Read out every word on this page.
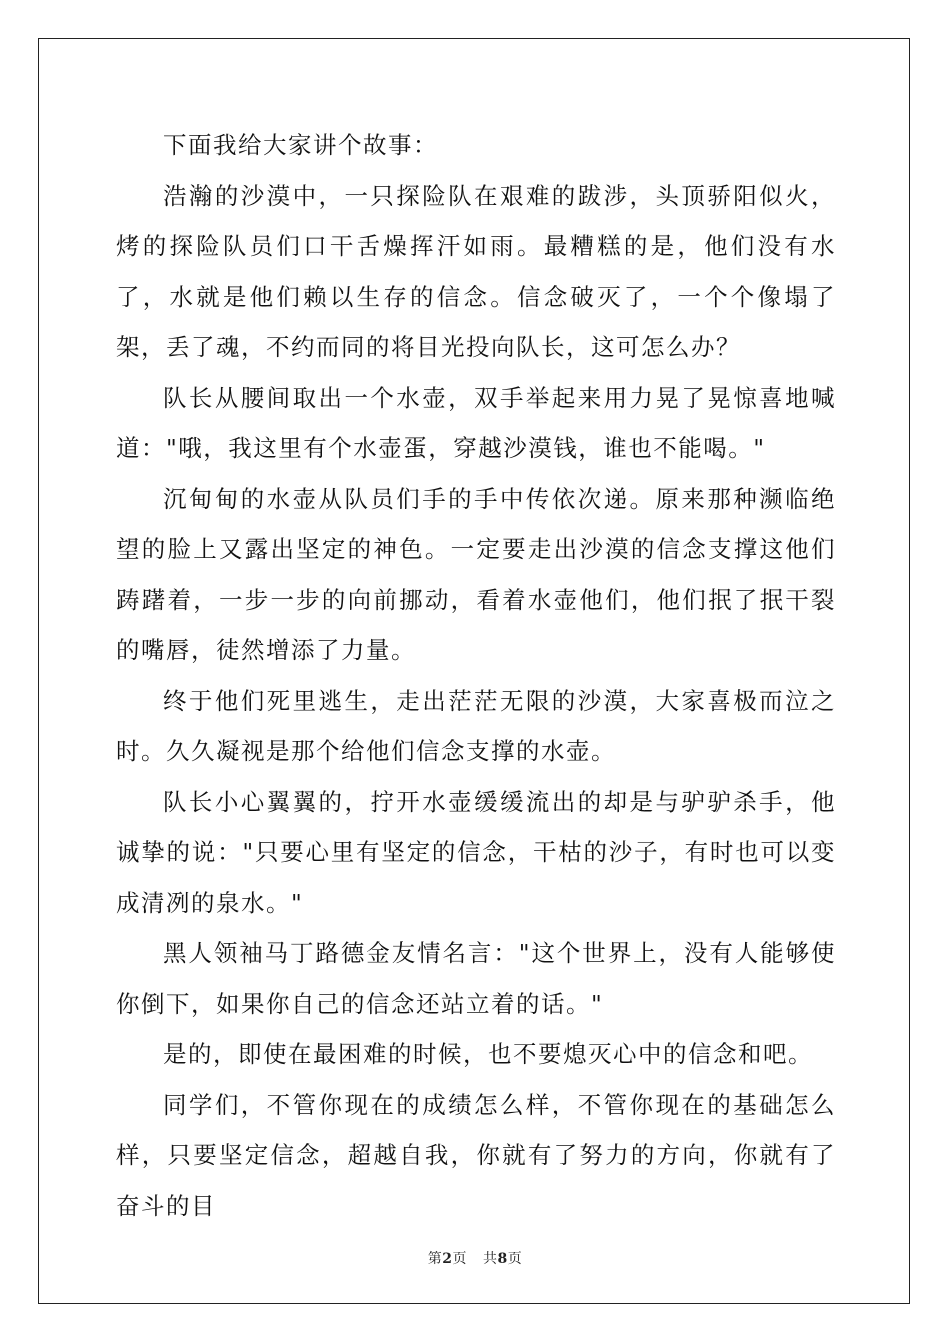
下面我给大家讲个故事：

浩瀚的沙漠中，一只探险队在艰难的跋涉，头顶骄阳似火，烤的探险队员们口干舌燥挥汗如雨。最糟糕的是，他们没有水了，水就是他们赖以生存的信念。信念破灭了，一个个像塌了架，丢了魂，不约而同的将目光投向队长，这可怎么办？

队长从腰间取出一个水壶，双手举起来用力晃了晃惊喜地喊道："哦，我这里有个水壶蛋，穿越沙漠钱，谁也不能喝。"

沉甸甸的水壶从队员们手的手中传依次递。原来那种濒临绝望的脸上又露出坚定的神色。一定要走出沙漠的信念支撑这他们踌躇着，一步一步的向前挪动，看着水壶他们，他们抿了抿干裂的嘴唇，徒然增添了力量。

终于他们死里逃生，走出茫茫无限的沙漠，大家喜极而泣之时。久久凝视是那个给他们信念支撑的水壶。

队长小心翼翼的，拧开水壶缓缓流出的却是与驴驴杀手，他诚挚的说："只要心里有坚定的信念，干枯的沙子，有时也可以变成清冽的泉水。"

黑人领袖马丁路德金友情名言："这个世界上，没有人能够使你倒下，如果你自己的信念还站立着的话。"

是的，即使在最困难的时候，也不要熄灭心中的信念和吧。

同学们，不管你现在的成绩怎么样，不管你现在的基础怎么样，只要坚定信念，超越自我，你就有了努力的方向，你就有了奋斗的目

第2页 共8页
